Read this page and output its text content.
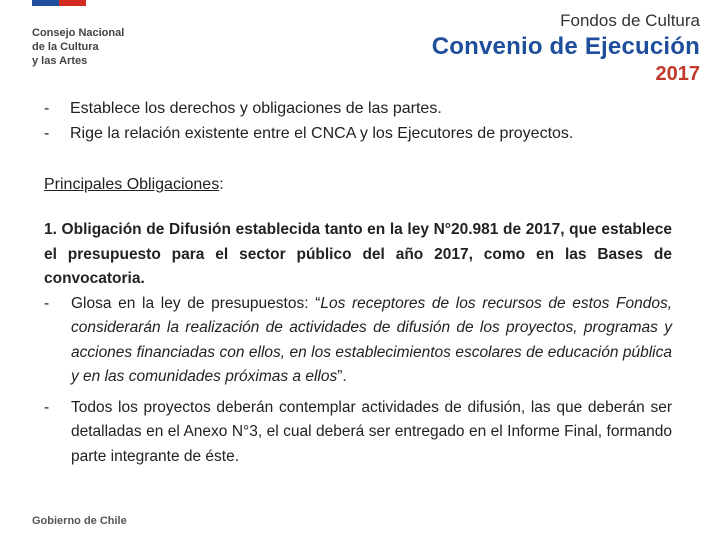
Consejo Nacional
de la Cultura
y las Artes
Fondos de Cultura
Convenio de Ejecución
2017
-	Establece los derechos y obligaciones de las partes.
-	Rige la relación existente entre el CNCA y los Ejecutores de proyectos.
Principales Obligaciones:
1. Obligación de Difusión establecida tanto en la ley N°20.981 de 2017, que establece el presupuesto para el sector público del año 2017, como en las Bases de convocatoria.
-	Glosa en la ley de presupuestos: “Los receptores de los recursos de estos Fondos, considerarán la realización de actividades de difusión de los proyectos, programas y acciones financiadas con ellos, en los establecimientos escolares de educación pública y en las comunidades próximas a ellos”.
-	Todos los proyectos deberán contemplar actividades de difusión, las que deberán ser detalladas en el Anexo N°3, el cual deberá ser entregado en el Informe Final, formando parte integrante de éste.
Gobierno de Chile
